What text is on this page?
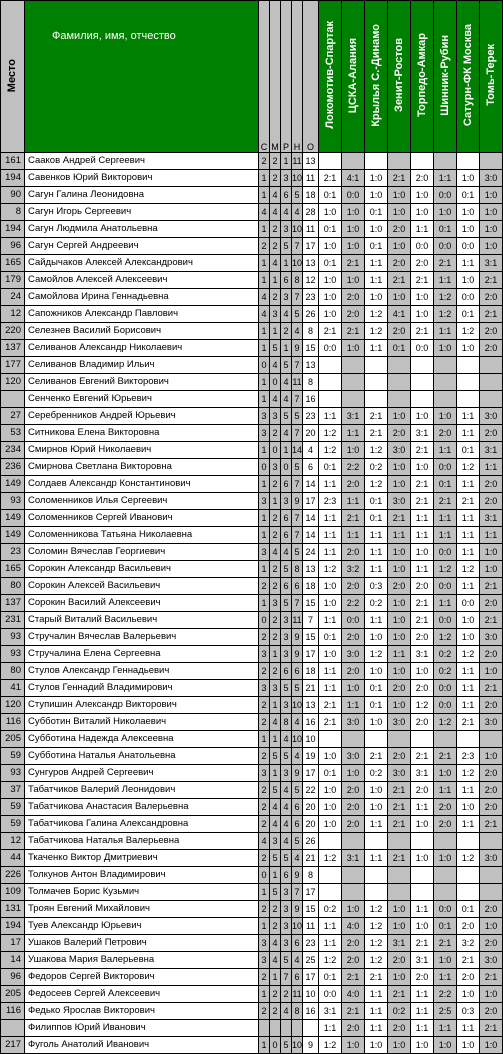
Место	Фамилия, имя, отчество	С	М	Р	Н	О	Локомотив-Спартак	ЦСКА-Алания	Крылья С.-Динамо	Зенит-Ростов	Торпедо-Амкар	Шинник-Рубин	Сатурн-ФК Москва	Томь-Терек
161	Сааков Андрей Сергеевич	2	2	1	11	13								
194	Савенков Юрий Викторович	1	2	3	10	11	2:1	4:1	1:0	2:1	2:0	1:1	1:0	3:0
90	Сагун Галина Леонидовна	1	4	6	5	18	0:1	0:0	1:0	1:0	1:0	0:0	0:1	1:0
8	Сагун Игорь Сергеевич	4	4	4	4	28	1:0	1:0	0:1	1:0	1:0	1:0	1:0	1:0
194	Сагун Людмила Анатольевна	1	2	3	10	11	0:1	1:0	1:0	2:0	1:1	0:1	1:0	1:0
96	Сагун Сергей Андреевич	2	2	5	7	17	1:0	1:0	0:1	1:0	0:0	0:0	0:0	1:0
165	Сайдычаков Алексей Александрович	1	4	1	10	13	0:1	2:1	1:1	2:0	2:0	2:1	1:1	3:1
179	Самойлов Алексей Алексеевич	1	1	6	8	12	1:0	1:0	1:1	2:1	2:1	1:1	1:0	2:1
24	Самойлова Ирина Геннадьевна	4	2	3	7	23	1:0	2:0	1:0	1:0	1:0	1:2	0:0	2:0
12	Сапожников Александр Павлович	4	3	4	5	26	1:0	2:0	1:2	4:1	1:0	1:2	0:1	2:1
220	Селезнев Василий Борисович	1	1	2	4	8	2:1	2:1	1:2	2:0	2:1	1:1	1:2	2:0
137	Селиванов Александр Николаевич	1	5	1	9	15	0:0	1:0	1:1	0:1	0:0	1:0	1:0	2:0
177	Селиванов Владимир Ильич	0	4	5	7	13								
120	Селиванов Евгений Викторович	1	0	4	11	8								
	Сенченко Евгений Юрьевич	1	4	4	7	16								
27	Серебренников Андрей Юрьевич	3	3	5	5	23	1:1	3:1	2:1	1:0	1:0	1:0	1:1	3:0
53	Ситникова Елена Викторовна	3	2	4	7	20	1:2	1:1	2:1	2:0	3:1	2:0	1:1	2:0
234	Смирнов Юрий Николаевич	1	0	1	14	4	1:2	1:0	1:2	3:0	2:1	1:1	0:1	3:1
236	Смирнова Светлана Викторовна	0	3	0	5	6	0:1	2:2	0:2	1:0	1:0	0:0	1:2	1:1
149	Солдаев Александр Константинович	1	2	6	7	14	1:1	2:0	1:2	1:0	2:1	0:1	1:1	2:0
93	Соломенников Илья Сергеевич	3	1	3	9	17	2:3	1:1	0:1	3:0	2:1	2:1	2:1	2:0
149	Соломенников Сергей Иванович	1	2	6	7	14	1:1	2:1	0:1	2:1	1:1	1:1	1:1	3:1
149	Соломенникова Татьяна Николаевна	1	2	6	7	14	1:1	1:1	1:1	1:1	1:1	1:1	1:1	1:1
23	Соломин Вячеслав Георгиевич	3	4	4	5	24	1:1	2:0	1:1	1:0	1:0	0:0	1:1	1:0
165	Сорокин Александр Васильевич	1	2	5	8	13	1:2	3:2	1:1	1:0	1:1	1:2	1:2	1:0
80	Сорокин Алексей Васильевич	2	2	6	6	18	1:0	2:0	0:3	2:0	2:0	0:0	1:1	2:1
137	Сорокин Василий Алексеевич	1	3	5	7	15	1:0	2:2	0:2	1:0	2:1	1:1	0:0	2:0
231	Старый Виталий Васильевич	0	2	3	11	7	1:1	0:0	1:1	1:0	2:1	0:0	1:0	2:1
93	Стручалин Вячеслав Валерьевич	2	2	3	9	15	0:1	2:0	1:0	1:0	2:0	1:2	1:0	3:0
93	Стручалина Елена Сергеевна	3	1	3	9	17	1:0	3:0	1:2	1:1	3:1	0:2	1:2	2:0
80	Стулов Александр Геннадьевич	2	2	6	6	18	1:1	2:0	1:0	1:0	1:0	0:2	1:1	1:0
41	Стулов Геннадий Владимирович	3	3	5	5	21	1:1	1:0	0:1	2:0	2:0	0:0	1:1	2:1
120	Ступишин Александр Викторович	2	1	3	10	13	2:1	1:1	0:1	1:0	1:2	0:0	1:1	2:0
116	Субботин Виталий Николаевич	2	4	8	4	16	2:1	3:0	1:0	3:0	2:0	1:2	2:1	3:0
205	Субботина Надежда Алексеевна	1	1	4	10	10								
59	Субботина Наталья Анатольевна	2	5	5	4	19	1:0	3:0	2:1	2:0	2:1	2:1	2:3	1:0
93	Сунгуров Андрей Сергеевич	3	1	3	9	17	0:1	1:0	0:2	3:0	3:1	1:0	1:2	2:0
37	Табатчиков Валерий Леонидович	2	5	4	5	22	1:0	2:0	1:0	2:1	2:0	1:1	1:1	2:0
59	Табатчикова Анастасия Валерьевна	2	4	4	6	20	1:0	2:0	1:0	2:1	1:1	2:0	1:0	2:0
59	Табатчикова Галина Александровна	2	4	4	6	20	1:0	2:0	1:1	2:1	1:0	2:0	1:1	2:1
12	Табатчикова Наталья Валерьевна	4	3	4	5	26								
44	Ткаченко Виктор Дмитриевич	2	5	5	4	21	1:2	3:1	1:1	2:1	1:0	1:0	1:2	3:0
226	Толкунов Антон Владимирович	0	1	6	9	8								
109	Толмачев Борис Кузьмич	1	5	3	7	17								
131	Троян Евгений Михайлович	2	2	3	9	15	0:2	1:0	1:2	1:0	1:1	0:0	0:1	2:0
194	Туев Александр Юрьевич	1	2	3	10	11	1:1	4:0	1:2	1:0	1:0	0:1	2:0	1:0
17	Ушаков Валерий Петрович	3	4	3	6	23	1:1	2:0	1:2	3:1	2:1	2:1	3:2	2:0
14	Ушакова Мария Валерьевна	3	4	5	4	25	1:2	2:0	1:2	2:0	3:1	1:0	2:1	3:0
96	Федоров Сергей Викторович	2	1	7	6	17	0:1	2:1	2:1	1:0	2:0	1:1	2:0	2:1
205	Федосеев Сергей Алексеевич	1	2	2	11	10	0:0	4:0	1:1	2:1	1:1	2:2	1:0	1:0
116	Федько Ярослав Викторович	2	2	4	8	16	3:1	2:1	1:1	0:2	1:1	2:5	0:3	2:0
	Филиппов Юрий Иванович						1:1	2:0	1:1	2:0	1:1	1:1	1:1	2:1
217	Фуголь Анатолий Иванович	1	0	5	10	9	1:2	1:0	1:0	1:0	1:0	1:0	1:0	1:0
